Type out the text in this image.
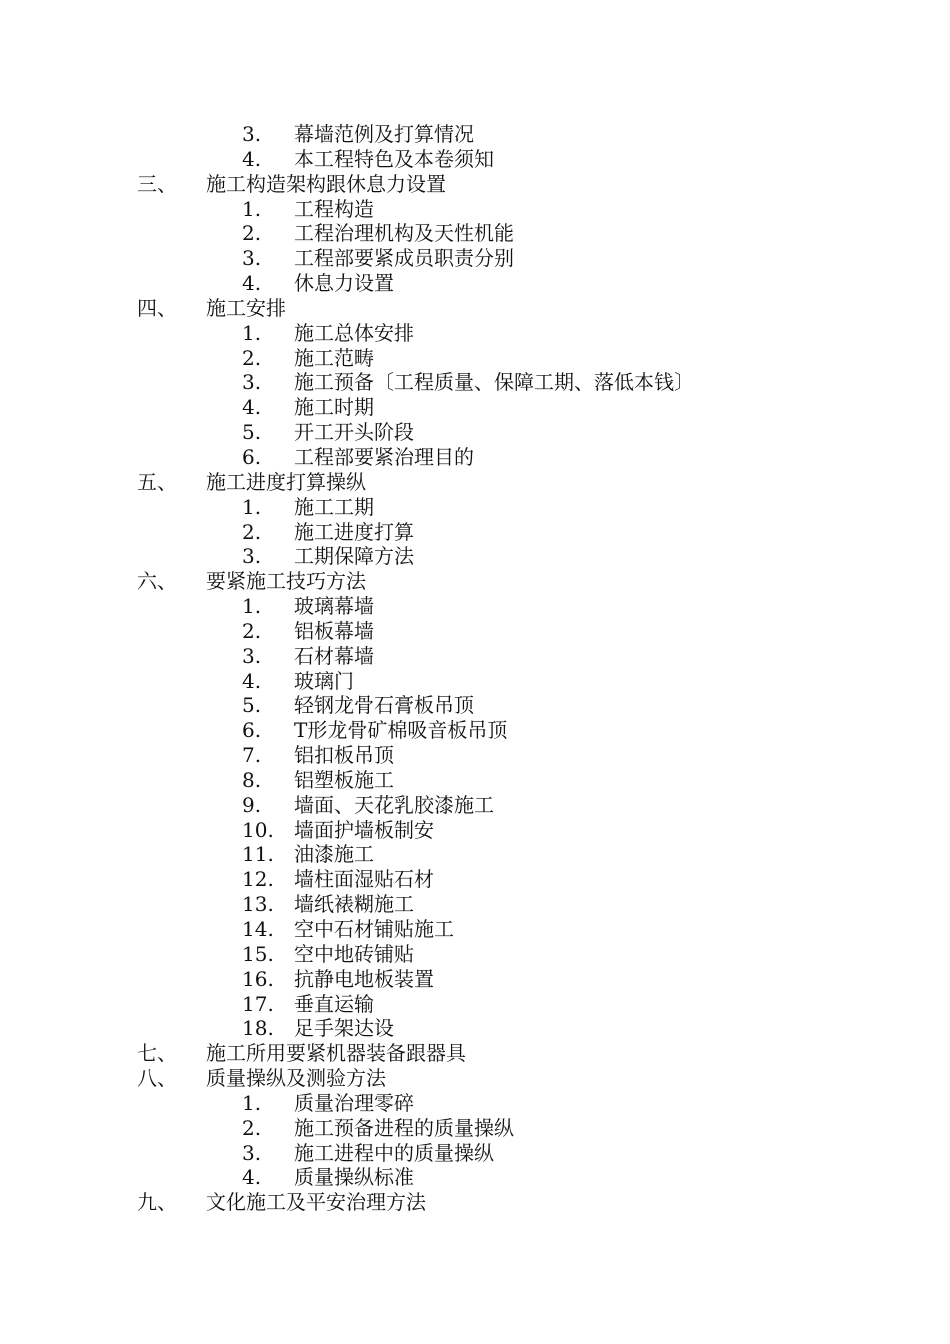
3. 幕墙范例及打算情况
4. 本工程特色及本卷须知
三、 施工构造架构跟休息力设置
1. 工程构造
2. 工程治理机构及天性机能
3. 工程部要紧成员职责分别
4. 休息力设置
四、 施工安排
1. 施工总体安排
2. 施工范畴
3. 施工预备〔工程质量、保障工期、落低本钱〕
4. 施工时期
5. 开工开头阶段
6. 工程部要紧治理目的
五、 施工进度打算操纵
1. 施工工期
2. 施工进度打算
3. 工期保障方法
六、 要紧施工技巧方法
1. 玻璃幕墙
2. 铝板幕墙
3. 石材幕墙
4. 玻璃门
5. 轻钢龙骨石膏板吊顶
6. T形龙骨矿棉吸音板吊顶
7. 铝扣板吊顶
8. 铝塑板施工
9. 墙面、天花乳胶漆施工
10. 墙面护墙板制安
11. 油漆施工
12. 墙柱面湿贴石材
13. 墙纸裱糊施工
14. 空中石材铺贴施工
15. 空中地砖铺贴
16. 抗静电地板装置
17. 垂直运输
18. 足手架达设
七、 施工所用要紧机器装备跟器具
八、 质量操纵及测验方法
1. 质量治理零碎
2. 施工预备进程的质量操纵
3. 施工进程中的质量操纵
4. 质量操纵标准
九、 文化施工及平安治理方法
